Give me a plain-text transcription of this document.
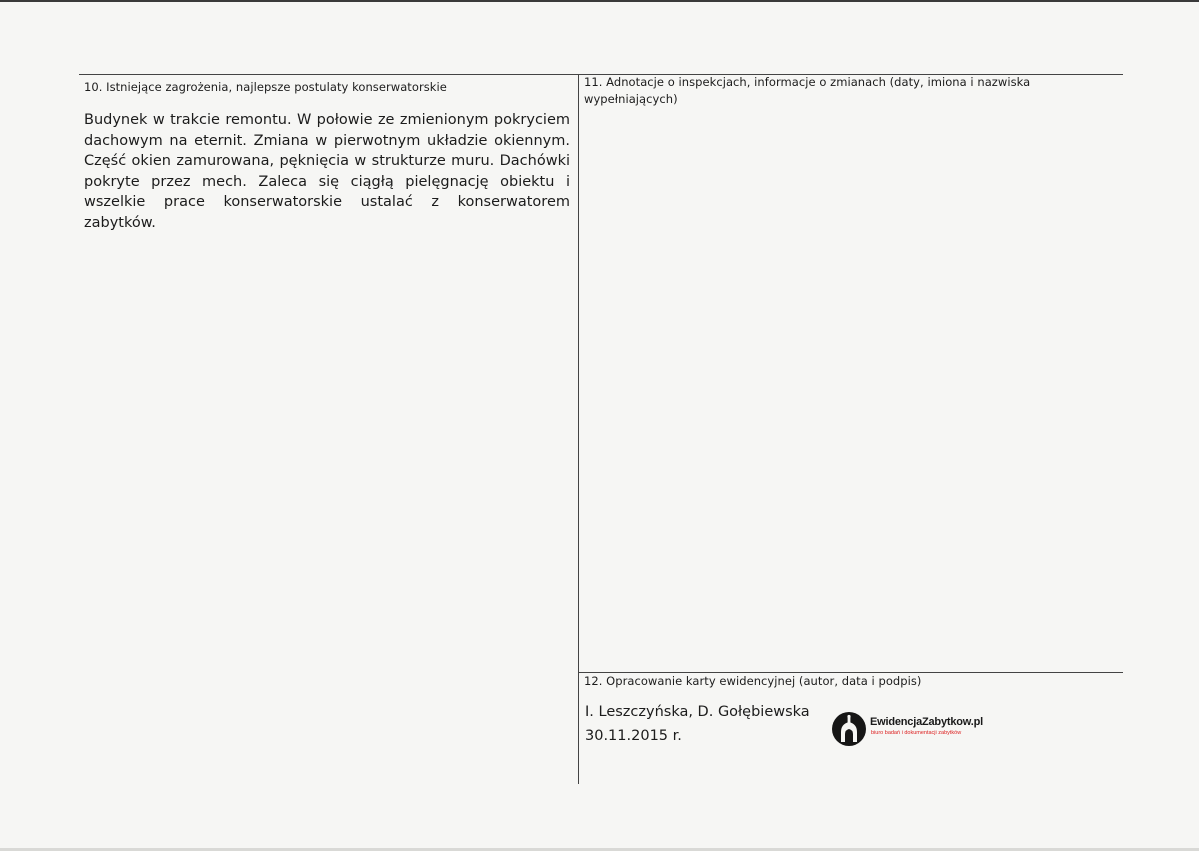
10. Istniejące zagrożenia, najlepsze postulaty konserwatorskie
Budynek w trakcie remontu. W połowie ze zmienionym pokryciem dachowym na eternit. Zmiana w pierwotnym układzie okiennym. Część okien zamurowana, pęknięcia w strukturze muru. Dachówki pokryte przez mech. Zaleca się ciągłą pielęgnację obiektu i wszelkie prace konserwatorskie ustalać z konserwatorem zabytków.
11. Adnotacje o inspekcjach, informacje o zmianach (daty, imiona i nazwiska wypełniających)
12. Opracowanie karty ewidencyjnej (autor, data i podpis)
I. Leszczyńska, D. Gołębiewska
30.11.2015 r.
EwidencjaZabytkow.pl
biuro badań i dokumentacji zabytków
